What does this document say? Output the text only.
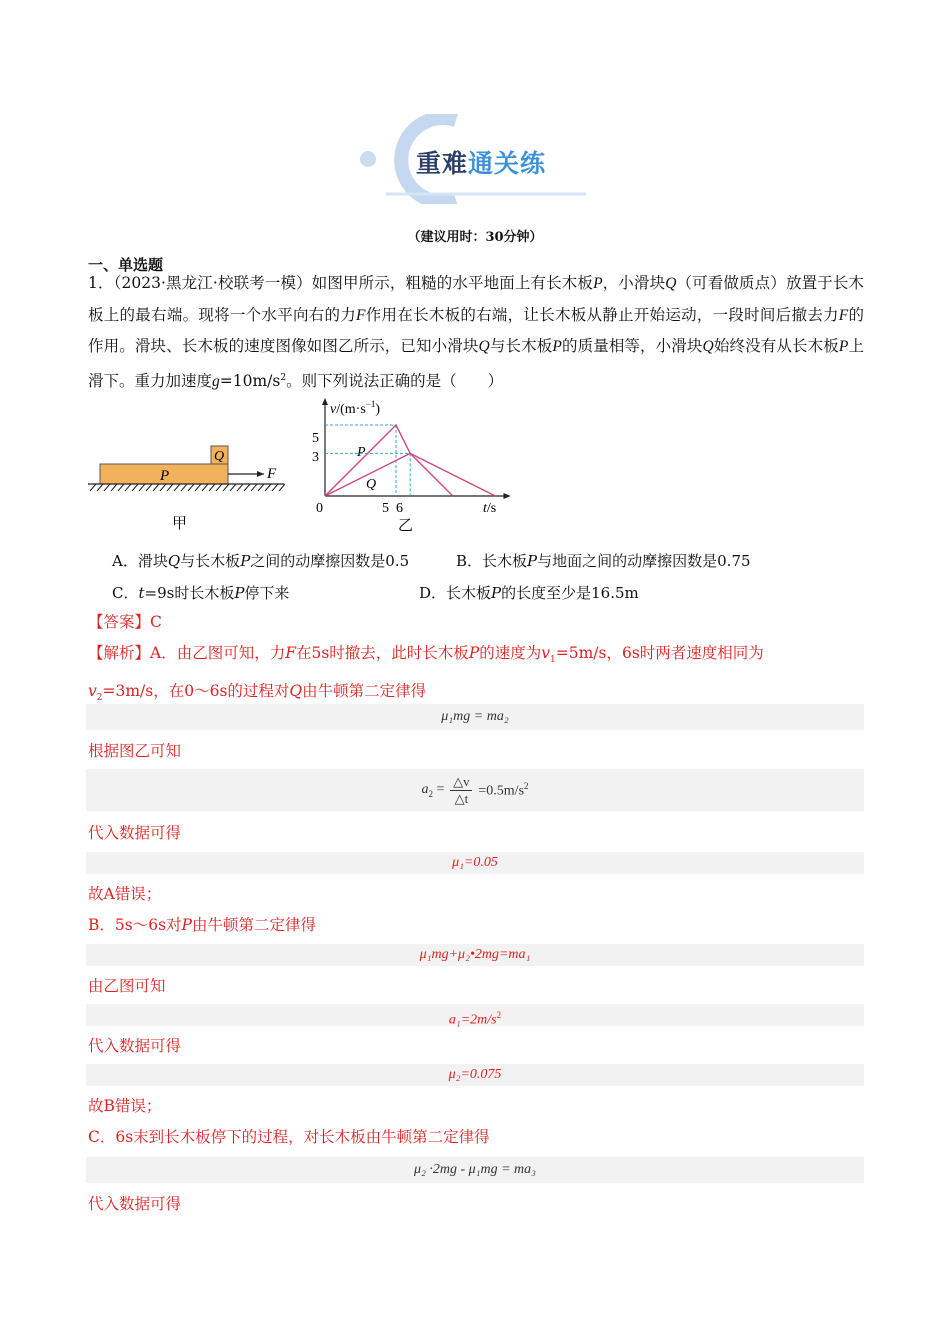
重难通关练
（建议用时：30分钟）
一、单选题
1．（2023·黑龙江·校联考一模）如图甲所示，粗糙的水平地面上有长木板P，小滑块Q（可看做质点）放置于长木板上的最右端。现将一个水平向右的力F作用在长木板的右端，让长木板从静止开始运动，一段时间后撤去力F的作用。滑块、长木板的速度图像如图乙所示，已知小滑块Q与长木板P的质量相等，小滑块Q始终没有从长木板P上滑下。重力加速度$g=10m/s^2$。则下列说法正确的是（　　）
P
Q
F
甲
$v/(m\cdot s^{-1})$
t/s
0
5
3
5 6
P
Q
乙
A．滑块Q与长木板P之间的动摩擦因数是0.5	B．长木板P与地面之间的动摩擦因数是0.75
C．t=9s时长木板P停下来	D．长木板P的长度至少是16.5m
【答案】C
【解析】A．由乙图可知，力F在5s时撤去，此时长木板P的速度为$v_1=5m/s$，6s时两者速度相同为
$v_2=3m/s$，在0～6s的过程对Q由牛顿第二定律得
μ₁mg = ma₂
根据图乙可知
$a_2$ =
△v
△t $=0.5m/s^2$
代入数据可得
μ₁=0.05
故A错误；
B．5s～6s对P由牛顿第二定律得
μ₁mg+μ₂•2mg=ma₁
由乙图可知
$a_1=2m/s^2$
代入数据可得
μ₂=0.075
故B错误；
C．6s末到长木板停下的过程，对长木板由牛顿第二定律得
μ₂ ·2mg - μ₁mg = ma₃
代入数据可得
